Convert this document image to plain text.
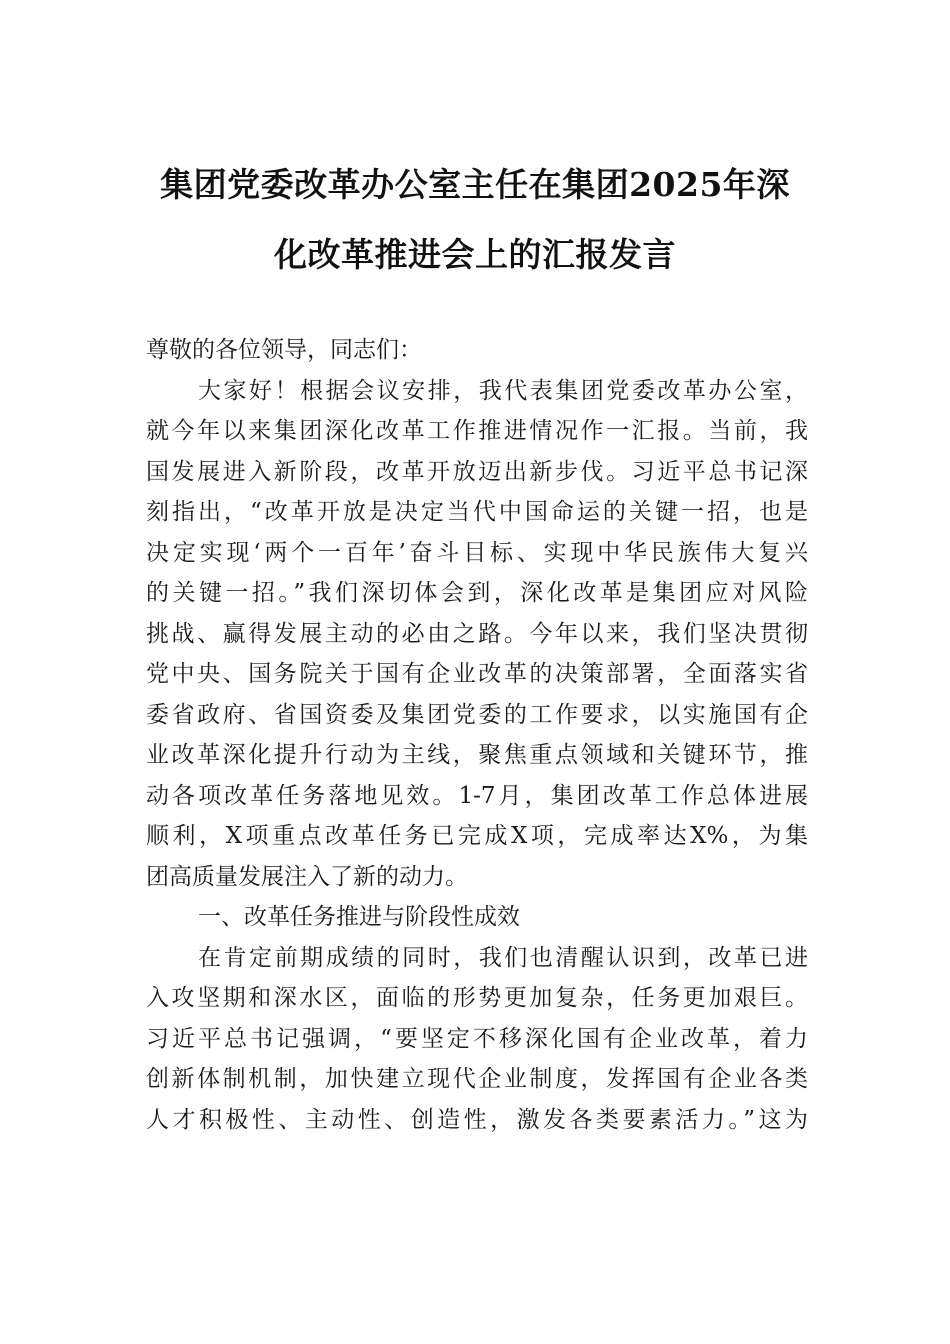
集团党委改革办公室主任在集团2025年深
化改革推进会上的汇报发言

尊敬的各位领导，同志们：

大家好！根据会议安排，我代表集团党委改革办公室，
就今年以来集团深化改革工作推进情况作一汇报。当前，我
国发展进入新阶段，改革开放迈出新步伐。习近平总书记深
刻指出，“改革开放是决定当代中国命运的关键一招，也是
决定实现‘两个一百年’奋斗目标、实现中华民族伟大复兴
的关键一招。”我们深切体会到，深化改革是集团应对风险
挑战、赢得发展主动的必由之路。今年以来，我们坚决贯彻
党中央、国务院关于国有企业改革的决策部署，全面落实省
委省政府、省国资委及集团党委的工作要求，以实施国有企
业改革深化提升行动为主线，聚焦重点领域和关键环节，推
动各项改革任务落地见效。1-7月，集团改革工作总体进展
顺利，X项重点改革任务已完成X项，完成率达X%，为集
团高质量发展注入了新的动力。

一、改革任务推进与阶段性成效

在肯定前期成绩的同时，我们也清醒认识到，改革已进
入攻坚期和深水区，面临的形势更加复杂，任务更加艰巨。
习近平总书记强调，“要坚定不移深化国有企业改革，着力
创新体制机制，加快建立现代企业制度，发挥国有企业各类
人才积极性、主动性、创造性，激发各类要素活力。”这为
